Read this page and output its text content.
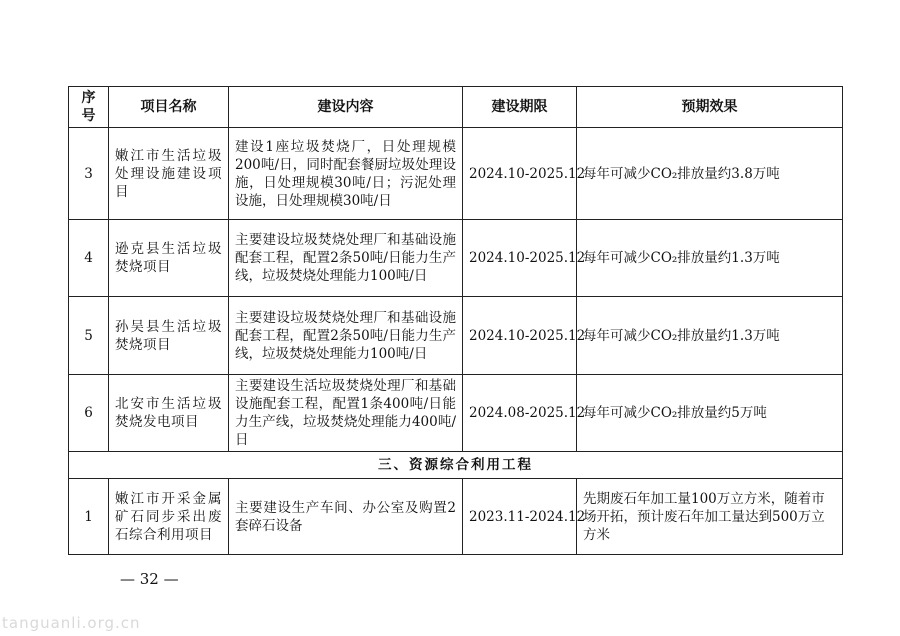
序号	项目名称	建设内容	建设期限	预期效果
3	嫩江市生活垃圾处理设施建设项目	建设1座垃圾焚烧厂，日处理规模200吨/日，同时配套餐厨垃圾处理设施，日处理规模30吨/日；污泥处理设施，日处理规模30吨/日	2024.10-2025.12	每年可减少CO₂排放量约3.8万吨
4	逊克县生活垃圾焚烧项目	主要建设垃圾焚烧处理厂和基础设施配套工程，配置2条50吨/日能力生产线，垃圾焚烧处理能力100吨/日	2024.10-2025.12	每年可减少CO₂排放量约1.3万吨
5	孙吴县生活垃圾焚烧项目	主要建设垃圾焚烧处理厂和基础设施配套工程，配置2条50吨/日能力生产线，垃圾焚烧处理能力100吨/日	2024.10-2025.12	每年可减少CO₂排放量约1.3万吨
6	北安市生活垃圾焚烧发电项目	主要建设生活垃圾焚烧处理厂和基础设施配套工程，配置1条400吨/日能力生产线，垃圾焚烧处理能力400吨/日	2024.08-2025.12	每年可减少CO₂排放量约5万吨
三、资源综合利用工程				
1	嫩江市开采金属矿石同步采出废石综合利用项目	主要建设生产车间、办公室及购置2套碎石设备	2023.11-2024.12	先期废石年加工量100万立方米，随着市场开拓，预计废石年加工量达到500万立方米
— 32 —
tanguanli.org.cn
